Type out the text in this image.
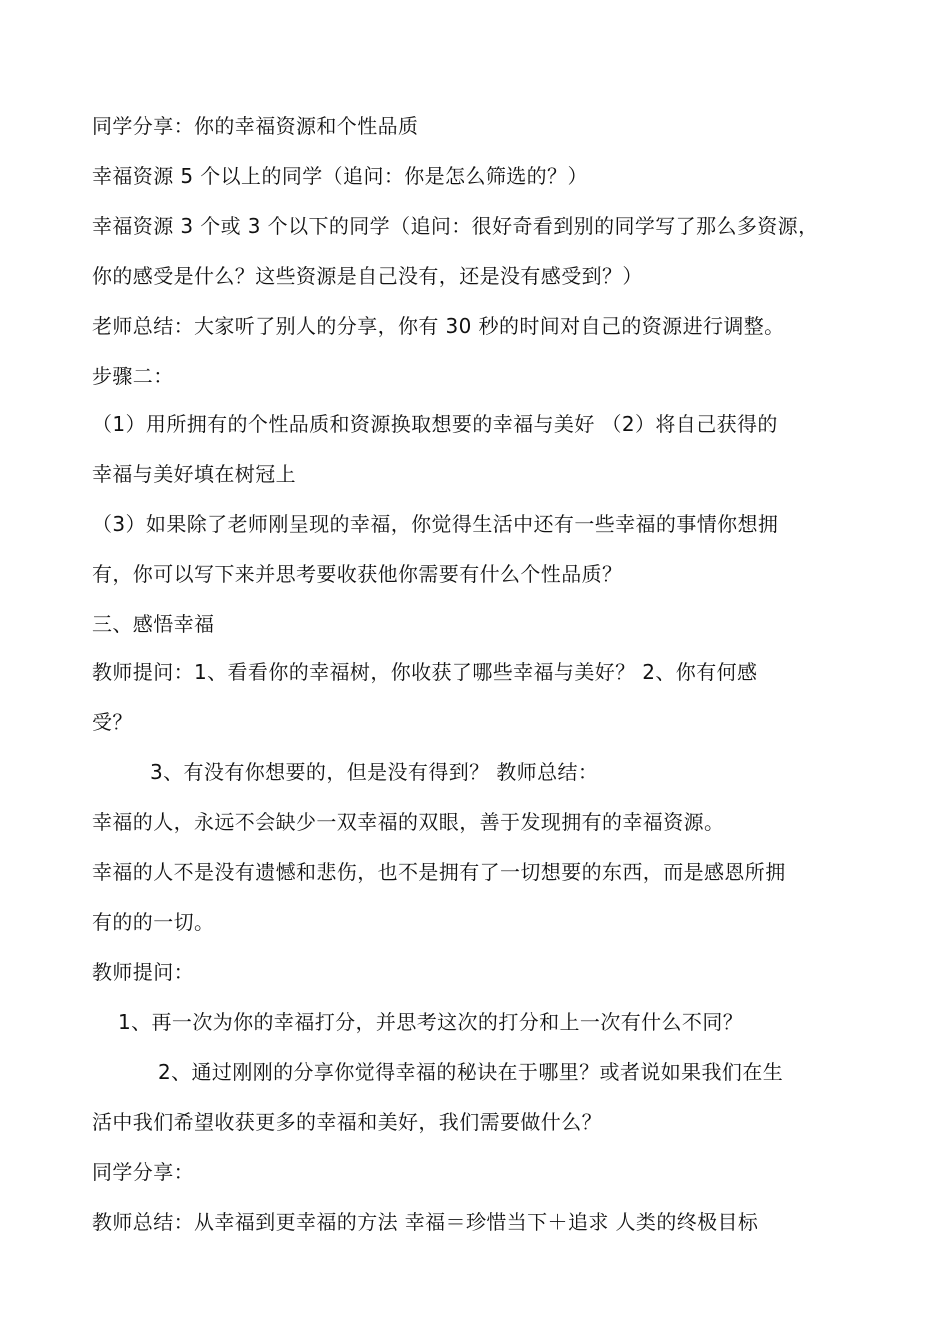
同学分享：你的幸福资源和个性品质
幸福资源 5 个以上的同学（追问：你是怎么筛选的？）
幸福资源 3 个或 3 个以下的同学（追问：很好奇看到别的同学写了那么多资源，
你的感受是什么？这些资源是自己没有，还是没有感受到？）
老师总结：大家听了别人的分享，你有 30 秒的时间对自己的资源进行调整。
步骤二：
（1）用所拥有的个性品质和资源换取想要的幸福与美好 （2）将自己获得的
幸福与美好填在树冠上
（3）如果除了老师刚呈现的幸福，你觉得生活中还有一些幸福的事情你想拥
有，你可以写下来并思考要收获他你需要有什么个性品质？
三、感悟幸福
教师提问：1、看看你的幸福树，你收获了哪些幸福与美好？ 2、你有何感
受？
3、有没有你想要的，但是没有得到？ 教师总结：
幸福的人，永远不会缺少一双幸福的双眼，善于发现拥有的幸福资源。
幸福的人不是没有遗憾和悲伤，也不是拥有了一切想要的东西，而是感恩所拥
有的的一切。
教师提问：
1、再一次为你的幸福打分，并思考这次的打分和上一次有什么不同？
2、通过刚刚的分享你觉得幸福的秘诀在于哪里？或者说如果我们在生
活中我们希望收获更多的幸福和美好，我们需要做什么？
同学分享：
教师总结：从幸福到更幸福的方法 幸福＝珍惜当下＋追求 人类的终极目标
